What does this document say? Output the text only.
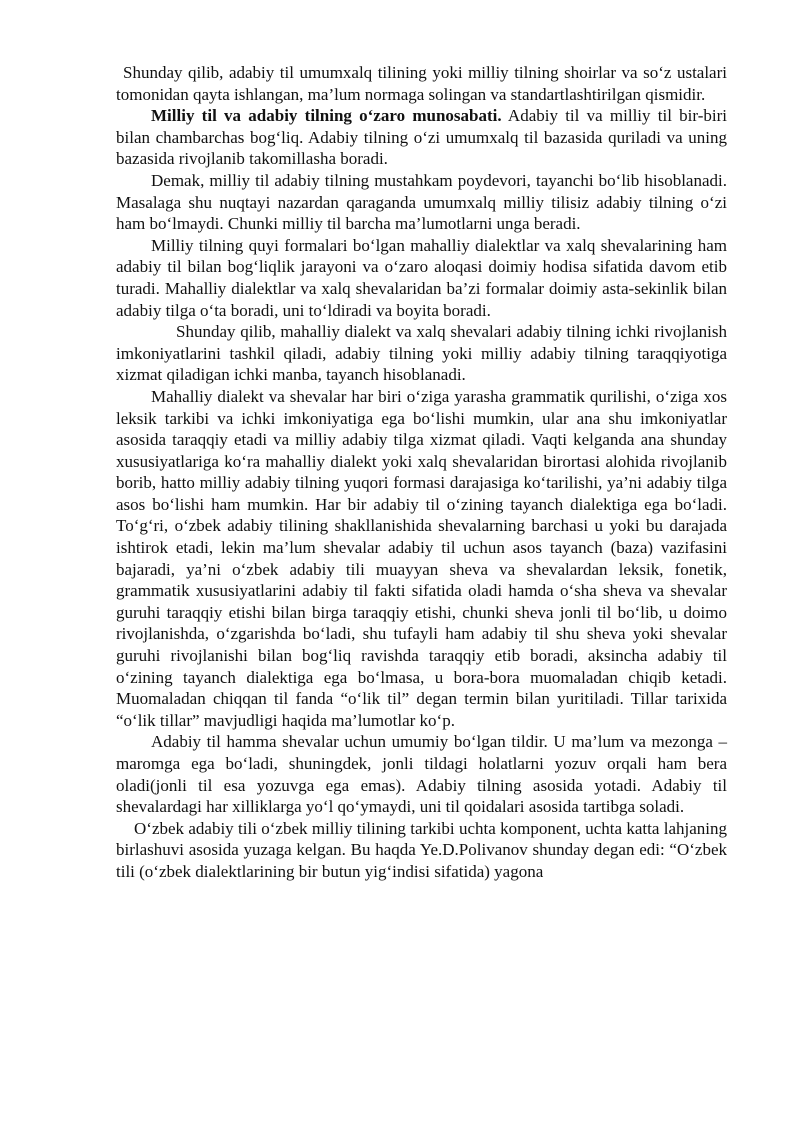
Shunday qilib, adabiy til umumxalq tilining yoki milliy tilning shoirlar va so‘z ustalari tomonidan qayta ishlangan, ma’lum normaga solingan va standartlashtirilgan qismidir.

Milliy til va adabiy tilning o‘zaro munosabati. Adabiy til va milliy til bir-biri bilan chambarchas bog‘liq. Adabiy tilning o‘zi umumxalq til bazasida quriladi va uning bazasida rivojlanib takomillasha boradi.

Demak, milliy til adabiy tilning mustahkam poydevori, tayanchi bo‘lib hisoblanadi. Masalaga shu nuqtayi nazardan qaraganda umumxalq milliy tilisiz adabiy tilning o‘zi ham bo‘lmaydi. Chunki milliy til barcha ma’lumotlarni unga beradi.

Milliy tilning quyi formalari bo‘lgan mahalliy dialektlar va xalq shevalarining ham adabiy til bilan bog‘liqlik jarayoni va o‘zaro aloqasi doimiy hodisa sifatida davom etib turadi. Mahalliy dialektlar va xalq shevalaridan ba’zi formalar doimiy asta-sekinlik bilan adabiy tilga o‘ta boradi, uni to‘ldiradi va boyita boradi.

Shunday qilib, mahalliy dialekt va xalq shevalari adabiy tilning ichki rivojlanish imkoniyatlarini tashkil qiladi, adabiy tilning yoki milliy adabiy tilning taraqqiyotiga xizmat qiladigan ichki manba, tayanch hisoblanadi.

Mahalliy dialekt va shevalar har biri o‘ziga yarasha grammatik qurilishi, o‘ziga xos leksik tarkibi va ichki imkoniyatiga ega bo‘lishi mumkin, ular ana shu imkoniyatlar asosida taraqqiy etadi va milliy adabiy tilga xizmat qiladi. Vaqti kelganda ana shunday xususiyatlariga ko‘ra mahalliy dialekt yoki xalq shevalaridan birortasi alohida rivojlanib borib, hatto milliy adabiy tilning yuqori formasi darajasiga ko‘tarilishi, ya’ni adabiy tilga asos bo‘lishi ham mumkin. Har bir adabiy til o‘zining tayanch dialektiga ega bo‘ladi. To‘g‘ri, o‘zbek adabiy tilining shakllanishida shevalarning barchasi u yoki bu darajada ishtirok etadi, lekin ma’lum shevalar adabiy til uchun asos tayanch (baza) vazifasini bajaradi, ya’ni o‘zbek adabiy tili muayyan sheva va shevalardan leksik, fonetik, grammatik xususiyatlarini adabiy til fakti sifatida oladi hamda o‘sha sheva va shevalar guruhi taraqqiy etishi bilan birga taraqqiy etishi, chunki sheva jonli til bo‘lib, u doimo rivojlanishda, o‘zgarishda bo‘ladi, shu tufayli ham adabiy til shu sheva yoki shevalar guruhi rivojlanishi bilan bog‘liq ravishda taraqqiy etib boradi, aksincha adabiy til o‘zining tayanch dialektiga ega bo‘lmasa, u bora-bora muomaladan chiqib ketadi. Muomaladan chiqqan til fanda “o‘lik til” degan termin bilan yuritiladi. Tillar tarixida “o‘lik tillar” mavjudligi haqida ma’lumotlar ko‘p.

Adabiy til hamma shevalar uchun umumiy bo‘lgan tildir. U ma’lum va mezonga – maromga ega bo‘ladi, shuningdek, jonli tildagi holatlarni yozuv orqali ham bera oladi(jonli til esa yozuvga ega emas). Adabiy tilning asosida yotadi. Adabiy til shevalardagi har xilliklarga yo‘l qo‘ymaydi, uni til qoidalari asosida tartibga soladi.

O‘zbek adabiy tili o‘zbek milliy tilining tarkibi uchta komponent, uchta katta lahjaning birlashuvi asosida yuzaga kelgan. Bu haqda Ye.D.Polivanov shunday degan edi: “O‘zbek tili (o‘zbek dialektlarining bir butun yig‘indisi sifatida) yagona
